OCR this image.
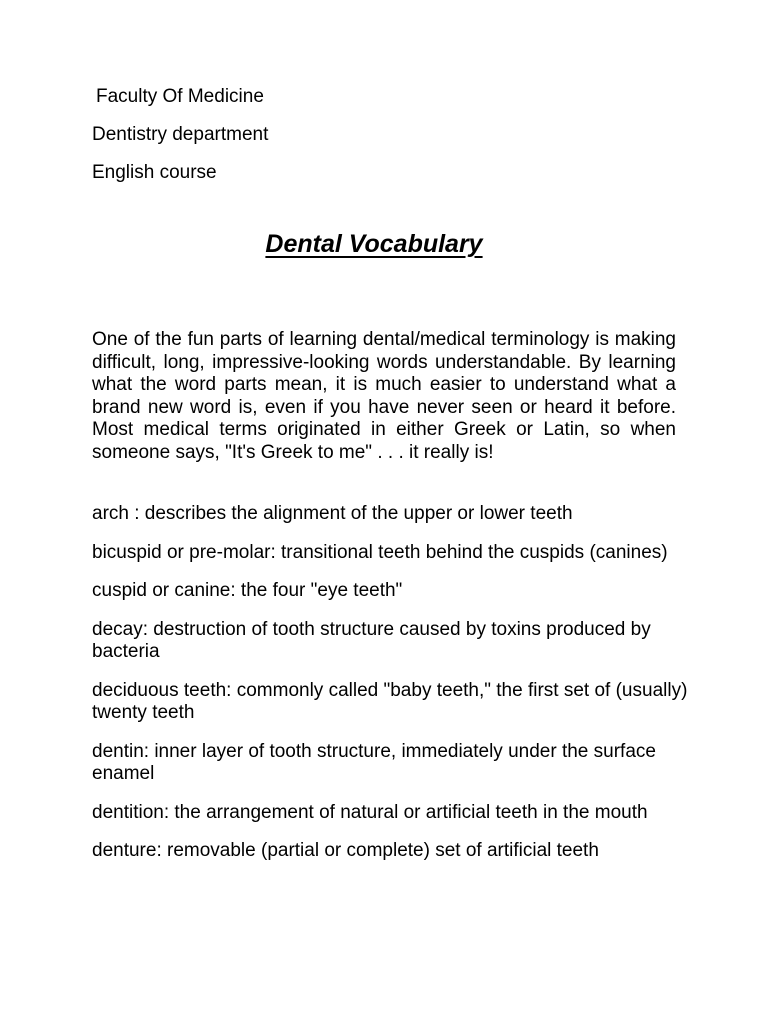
Faculty Of Medicine
Dentistry department
English course
Dental Vocabulary

One of the fun parts of learning dental/medical terminology is making difficult, long, impressive-looking words understandable. By learning what the word parts mean, it is much easier to understand what a brand new word is, even if you have never seen or heard it before. Most medical terms originated in either Greek or Latin, so when someone says, "It's Greek to me" . . . it really is!

arch : describes the alignment of the upper or lower teeth
bicuspid or pre-molar: transitional teeth behind the cuspids (canines)
cuspid or canine: the four "eye teeth"
decay: destruction of tooth structure caused by toxins produced by bacteria
deciduous teeth: commonly called "baby teeth," the first set of (usually) twenty teeth
dentin: inner layer of tooth structure, immediately under the surface enamel
dentition: the arrangement of natural or artificial teeth in the mouth
denture: removable (partial or complete) set of artificial teeth
